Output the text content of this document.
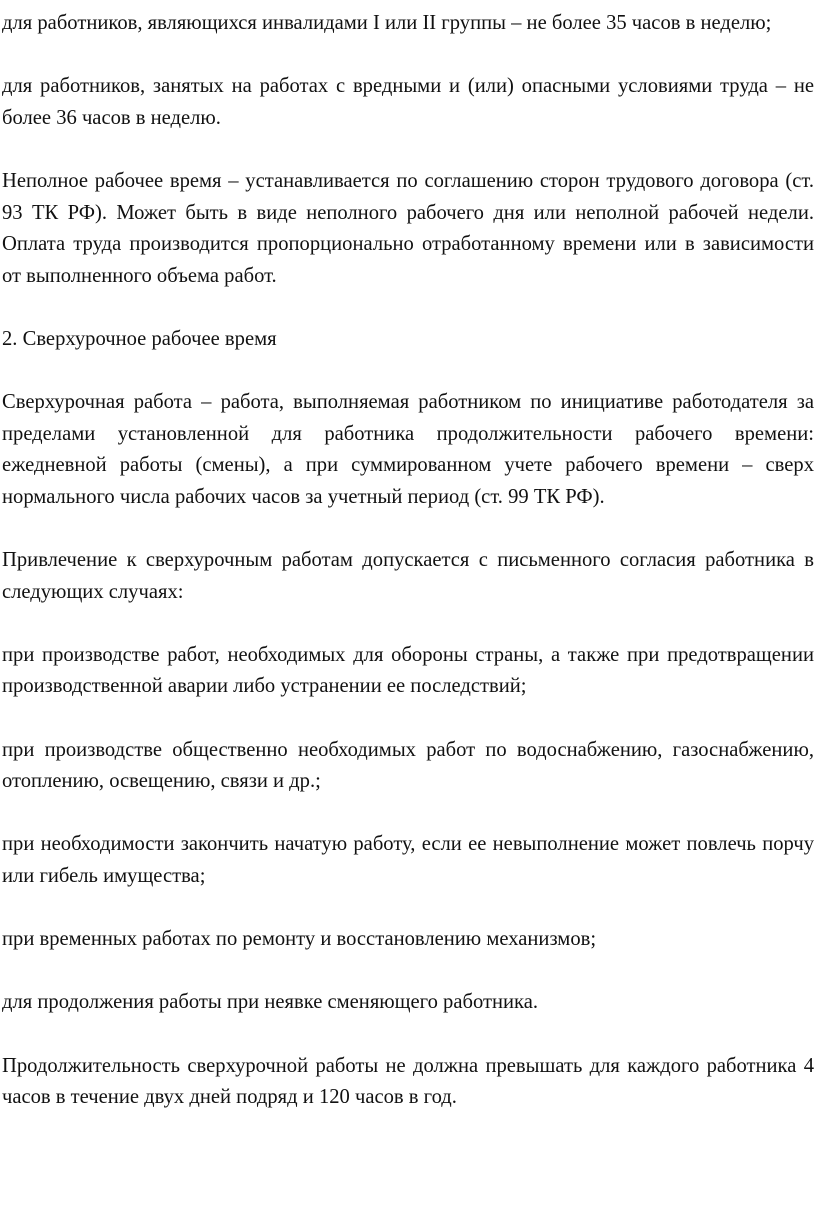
для работников, являющихся инвалидами I или II группы – не более 35 часов в неделю;

для работников, занятых на работах с вредными и (или) опасными условиями труда – не более 36 часов в неделю.

Неполное рабочее время – устанавливается по соглашению сторон трудового договора (ст. 93 ТК РФ). Может быть в виде неполного рабочего дня или неполной рабочей недели. Оплата труда производится пропорционально отработанному времени или в зависимости от выполненного объема работ.

2. Сверхурочное рабочее время

Сверхурочная работа – работа, выполняемая работником по инициативе работодателя за пределами установленной для работника продолжительности рабочего времени: ежедневной работы (смены), а при суммированном учете рабочего времени – сверх нормального числа рабочих часов за учетный период (ст. 99 ТК РФ).

Привлечение к сверхурочным работам допускается с письменного согласия работника в следующих случаях:

при производстве работ, необходимых для обороны страны, а также при предотвращении производственной аварии либо устранении ее последствий;

при производстве общественно необходимых работ по водоснабжению, газоснабжению, отоплению, освещению, связи и др.;

при необходимости закончить начатую работу, если ее невыполнение может повлечь порчу или гибель имущества;

при временных работах по ремонту и восстановлению механизмов;

для продолжения работы при неявке сменяющего работника.

Продолжительность сверхурочной работы не должна превышать для каждого работника 4 часов в течение двух дней подряд и 120 часов в год.
